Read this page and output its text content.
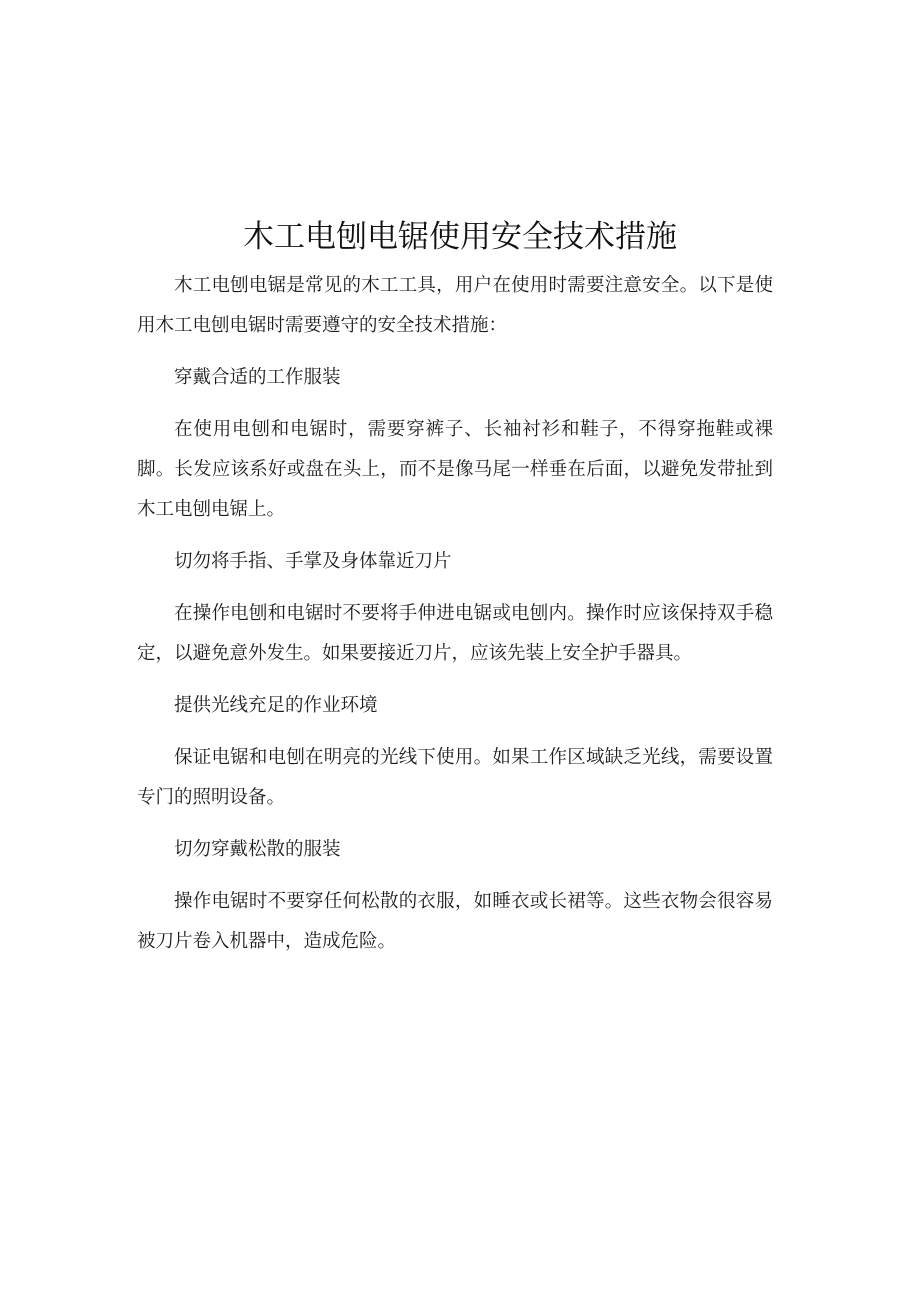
木工电刨电锯使用安全技术措施

木工电刨电锯是常见的木工工具，用户在使用时需要注意安全。以下是使用木工电刨电锯时需要遵守的安全技术措施：

穿戴合适的工作服装

在使用电刨和电锯时，需要穿裤子、长袖衬衫和鞋子，不得穿拖鞋或裸脚。长发应该系好或盘在头上，而不是像马尾一样垂在后面，以避免发带扯到木工电刨电锯上。

切勿将手指、手掌及身体靠近刀片

在操作电刨和电锯时不要将手伸进电锯或电刨内。操作时应该保持双手稳定，以避免意外发生。如果要接近刀片，应该先装上安全护手器具。

提供光线充足的作业环境

保证电锯和电刨在明亮的光线下使用。如果工作区域缺乏光线，需要设置专门的照明设备。

切勿穿戴松散的服装

操作电锯时不要穿任何松散的衣服，如睡衣或长裙等。这些衣物会很容易被刀片卷入机器中，造成危险。
